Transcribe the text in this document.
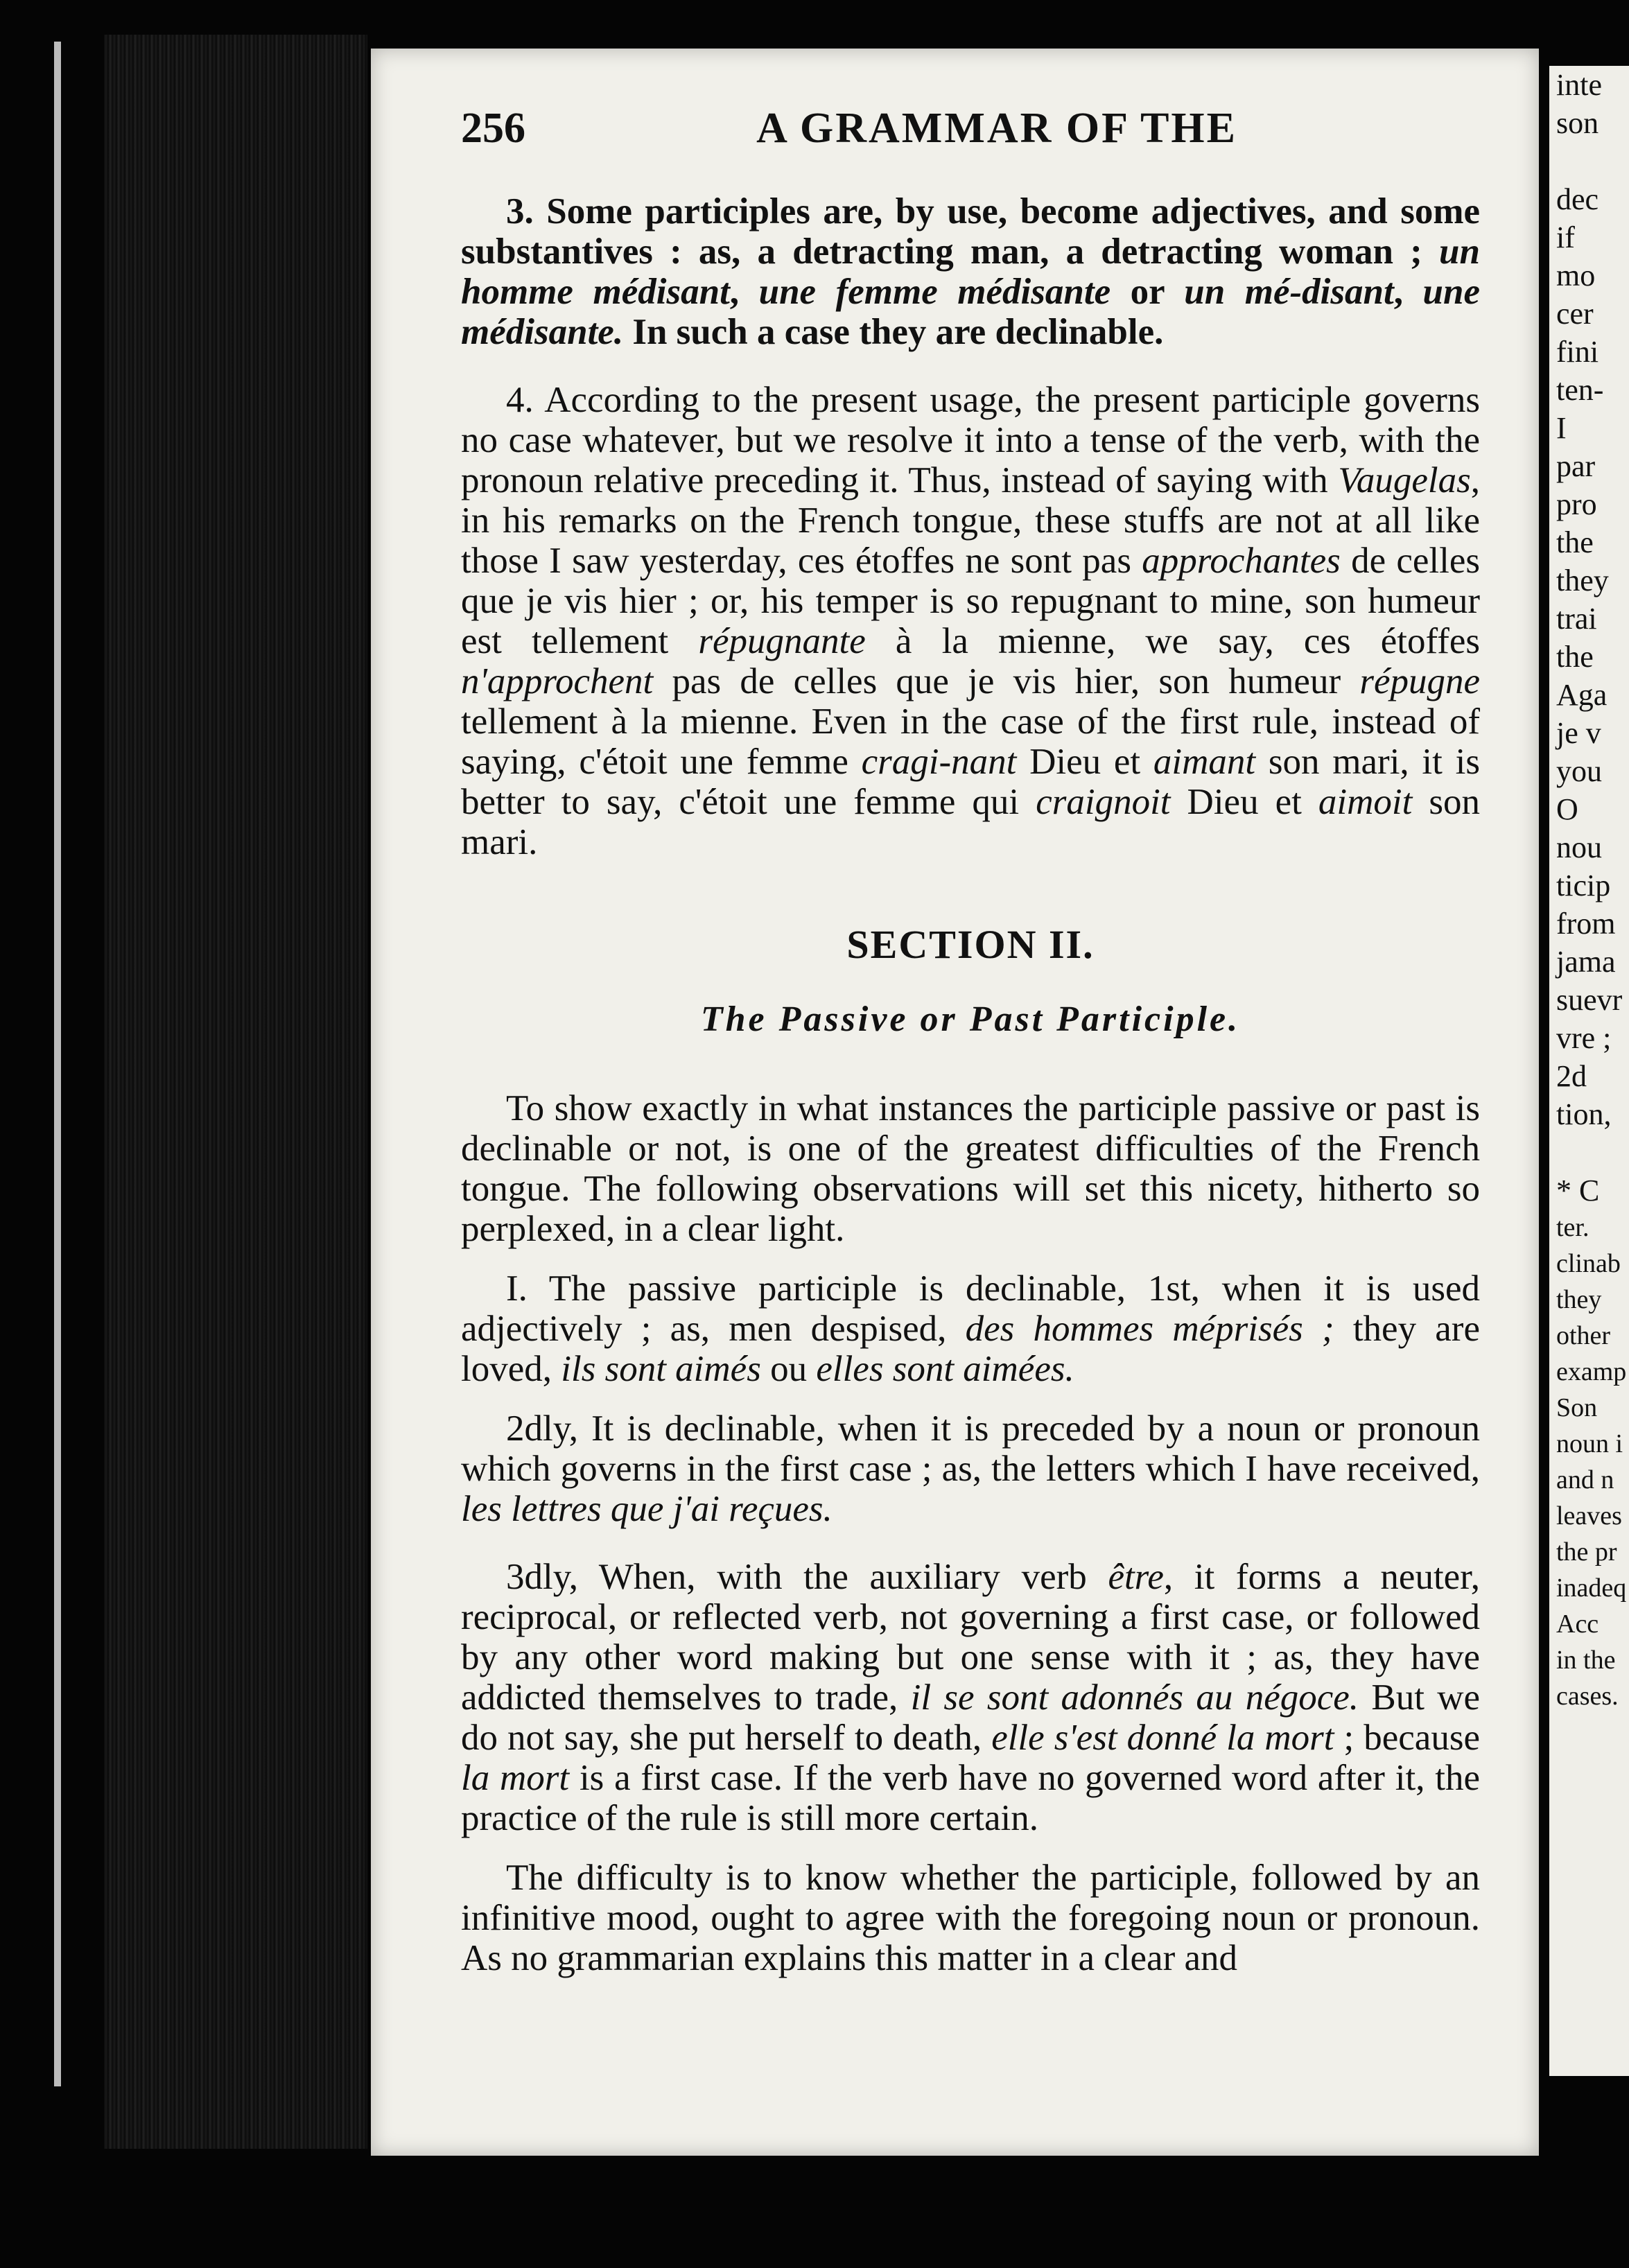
256	A GRAMMAR OF THE

3. Some participles are, by use, become adjectives, and some substantives : as, a detracting man, a detracting woman ; un homme médisant, une femme médisante or un mé-disant, une médisante. In such a case they are declinable.

4. According to the present usage, the present participle governs no case whatever, but we resolve it into a tense of the verb, with the pronoun relative preceding it. Thus, instead of saying with Vaugelas, in his remarks on the French tongue, these stuffs are not at all like those I saw yesterday, ces étoffes ne sont pas approchantes de celles que je vis hier ; or, his temper is so repugnant to mine, son humeur est tellement répugnante à la mienne, we say, ces étoffes n'approchent pas de celles que je vis hier, son humeur répugne tellement à la mienne. Even in the case of the first rule, instead of saying, c'étoit une femme cragi-nant Dieu et aimant son mari, it is better to say, c'étoit une femme qui craignoit Dieu et aimoit son mari.

SECTION II.
The Passive or Past Participle.

To show exactly in what instances the participle passive or past is declinable or not, is one of the greatest difficulties of the French tongue. The following observations will set this nicety, hitherto so perplexed, in a clear light.

I. The passive participle is declinable, 1st, when it is used adjectively ; as, men despised, des hommes méprisés ; they are loved, ils sont aimés ou elles sont aimées.

2dly, It is declinable, when it is preceded by a noun or pronoun which governs in the first case ; as, the letters which I have received, les lettres que j'ai reçues.

3dly, When, with the auxiliary verb être, it forms a neuter, reciprocal, or reflected verb, not governing a first case, or followed by any other word making but one sense with it ; as, they have addicted themselves to trade, il se sont adonnés au négoce. But we do not say, she put herself to death, elle s'est donné la mort ; because la mort is a first case. If the verb have no governed word after it, the practice of the rule is still more certain.

The difficulty is to know whether the participle, followed by an infinitive mood, ought to agree with the foregoing noun or pronoun. As no grammarian explains this matter in a clear and

inte
son
dec
if
mo
cer
fini
ten-
I
par
pro
the
they
trai
the
Aga
je v
you
O
nou
ticip
from
jama
suevr
vre ;
2d
tion,
* C
ter.
clinab
they
other
examp
Son
noun i
and n
leaves
the pr
inadeq
Acc
in the
cases.
